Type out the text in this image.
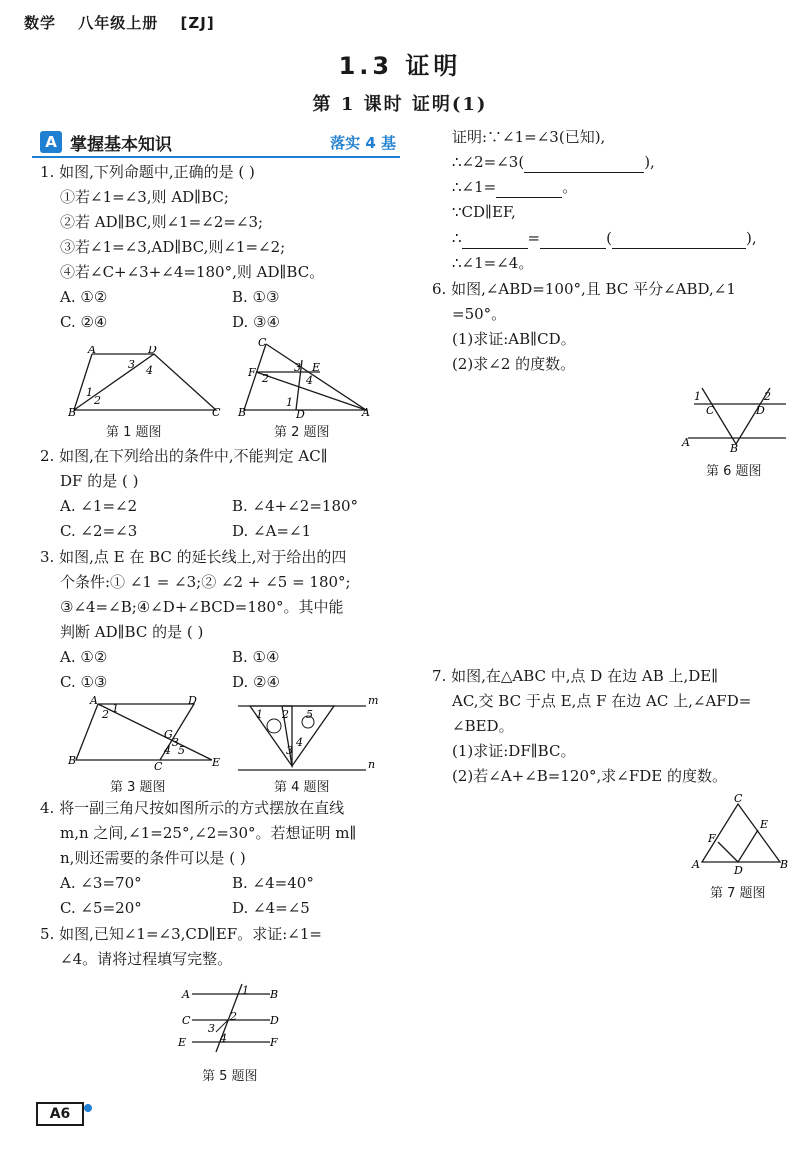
数学 八年级上册 [ZJ]
1.3 证明
第 1 课时 证明(1)
A 掌握基本知识	落实 4 基
1. 如图,下列命题中,正确的是 ( )
①若∠1=∠3,则 AD∥BC;
②若 AD∥BC,则∠1=∠2=∠3;
③若∠1=∠3,AD∥BC,则∠1=∠2;
④若∠C+∠3+∠4=180°,则 AD∥BC。
A. ①②	B. ①③
C. ②④	D. ③④
A	D
3 4
1
2
B	C
第 1 题图
C
F 2
E
3
4
1
B	D	A
第 2 题图
2. 如图,在下列给出的条件中,不能判定 AC∥
DF 的是 ( )
A. ∠1=∠2	B. ∠4+∠2=180°
C. ∠2=∠3	D. ∠A=∠1
3. 如图,点 E 在 BC 的延长线上,对于给出的四
个条件:① ∠1 = ∠3;② ∠2 + ∠5 = 180°;
③∠4=∠B;④∠D+∠BCD=180°。其中能
判断 AD∥BC 的是 ( )
A. ①②	B. ①④
C. ①③	D. ②④
A	D
2 1
G
3
4 5
B	C	E
第 3 题图
m
n
1 2
3
4
5
第 4 题图
4. 将一副三角尺按如图所示的方式摆放在直线
m,n 之间,∠1=25°,∠2=30°。若想证明 m∥
n,则还需要的条件可以是 ( )
A. ∠3=70°	B. ∠4=40°
C. ∠5=20°	D. ∠4=∠5
5. 如图,已知∠1=∠3,CD∥EF。求证:∠1=
∠4。请将过程填写完整。
A	B
1
C	D
2
3
E	4	F
第 5 题图
证明:∵∠1=∠3(已知),
∴∠2=∠3(	),
∴∠1=	。
∵CD∥EF,
∴	=	(	),
∴∠1=∠4。
6. 如图,∠ABD=100°,且 BC 平分∠ABD,∠1
=50°。
(1)求证:AB∥CD。
(2)求∠2 的度数。
1
C	D
2
A	B
第 6 题图
7. 如图,在△ABC 中,点 D 在边 AB 上,DE∥
AC,交 BC 于点 E,点 F 在边 AC 上,∠AFD=
∠BED。
(1)求证:DF∥BC。
(2)若∠A+∠B=120°,求∠FDE 的度数。
C
F
E
A	D	B
第 7 题图
A6
